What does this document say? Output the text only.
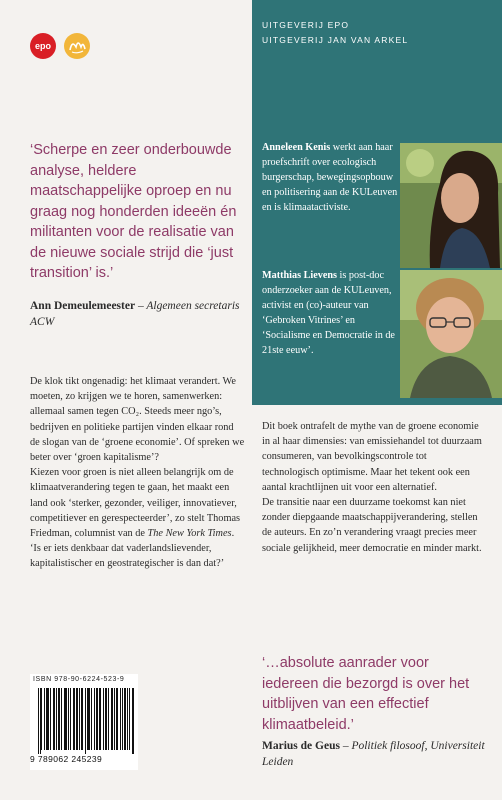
UITGEVERIJ EPO
UITGEVERIJ JAN VAN ARKEL
epo
‘Scherpe en zeer onderbouwde analyse, heldere maatschappelijke oproep en nu graag nog honderden ideeën én militanten voor de realisatie van de nieuwe sociale strijd die ‘just transition’ is.’
Ann Demeulemeester – Algemeen secretaris ACW
Anneleen Kenis werkt aan haar proefschrift over ecologisch burgerschap, bewegingsopbouw en politisering aan de KULeuven en is klimaatactiviste.
Matthias Lievens is post-doc onderzoeker aan de KULeuven, activist en (co)-auteur van ‘Gebroken Vitrines’ en ‘Socialisme en Democratie in de 21ste eeuw’.

De klok tikt ongenadig: het klimaat verandert. We moeten, zo krijgen we te horen, samenwerken: allemaal samen tegen CO₂. Steeds meer ngo’s, bedrijven en politieke partijen vinden elkaar rond de slogan van de ‘groene economie’. Of spreken we beter over ‘groen kapitalisme’?

Kiezen voor groen is niet alleen belangrijk om de klimaatverandering tegen te gaan, het maakt een land ook ‘sterker, gezonder, veiliger, innovatiever, competitiever en gerespecteerder’, zo stelt Thomas Friedman, columnist van de The New York Times. ‘Is er iets denkbaar dat vaderlandslievender, kapitalistischer en geostrategischer is dan dat?’

Dit boek ontrafelt de mythe van de groene economie in al haar dimensies: van emissiehandel tot duurzaam consumeren, van bevolkingscontrole tot technologisch optimisme. Maar het tekent ook een aantal krachtlijnen uit voor een alternatief.

De transitie naar een duurzame toekomst kan niet zonder diepgaande maatschappijverandering, stellen de auteurs. En zo’n verandering vraagt precies meer sociale gelijkheid, meer democratie en minder markt.

‘…absolute aanrader voor iedereen die bezorgd is over het uitblijven van een effectief klimaatbeleid.’
Marius de Geus – Politiek filosoof, Universiteit Leiden
ISBN 978-90-6224-523-9
9 789062 245239
